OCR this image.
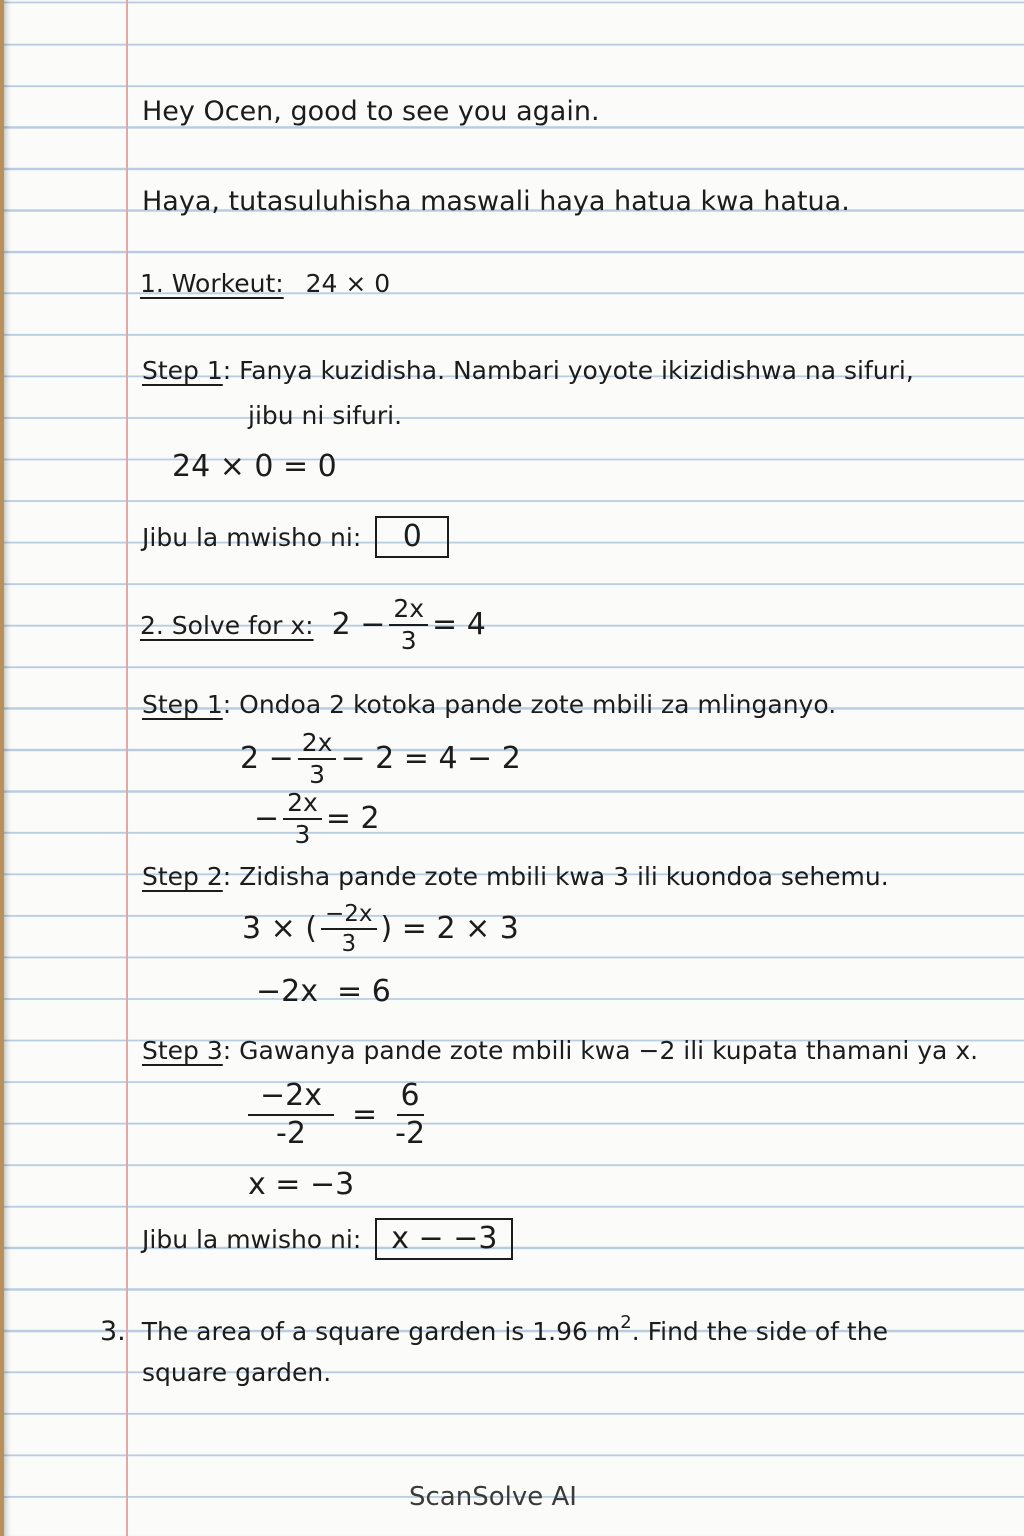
Hey Ocen, good to see you again.
Haya, tutasuluhisha maswali haya hatua kwa hatua.
1. Workeut: 24 × 0
Step 1: Fanya kuzidisha. Nambari yoyote ikizidishwa na sifuri,
jibu ni sifuri.
24 × 0 = 0
Jibu la mwisho ni:	0
2. Solve for x: $2 - \frac{2x}{3} = 4$
Step 1: Ondoa 2 kotoka pande zote mbili za mlinganyo.
$2 - \frac{2x}{3} - 2 = 4 - 2$
− $\frac{2x}{3} = 2$
Step 2: Zidisha pande zote mbili kwa 3 ili kuondoa sehemu.
3 × ( $\frac{-2x}{3}$ ) = 2 × 3
−2x  = 6
Step 3: Gawanya pande zote mbili kwa −2 ili kupata thamani ya x.
$\frac{-2x}{-2} = \frac{6}{-2}$
x = −3
Jibu la mwisho ni:	x − −3
3. The area of a square garden is 1.96 $m^2$. Find the side of the
square garden.
ScanSolve AI
